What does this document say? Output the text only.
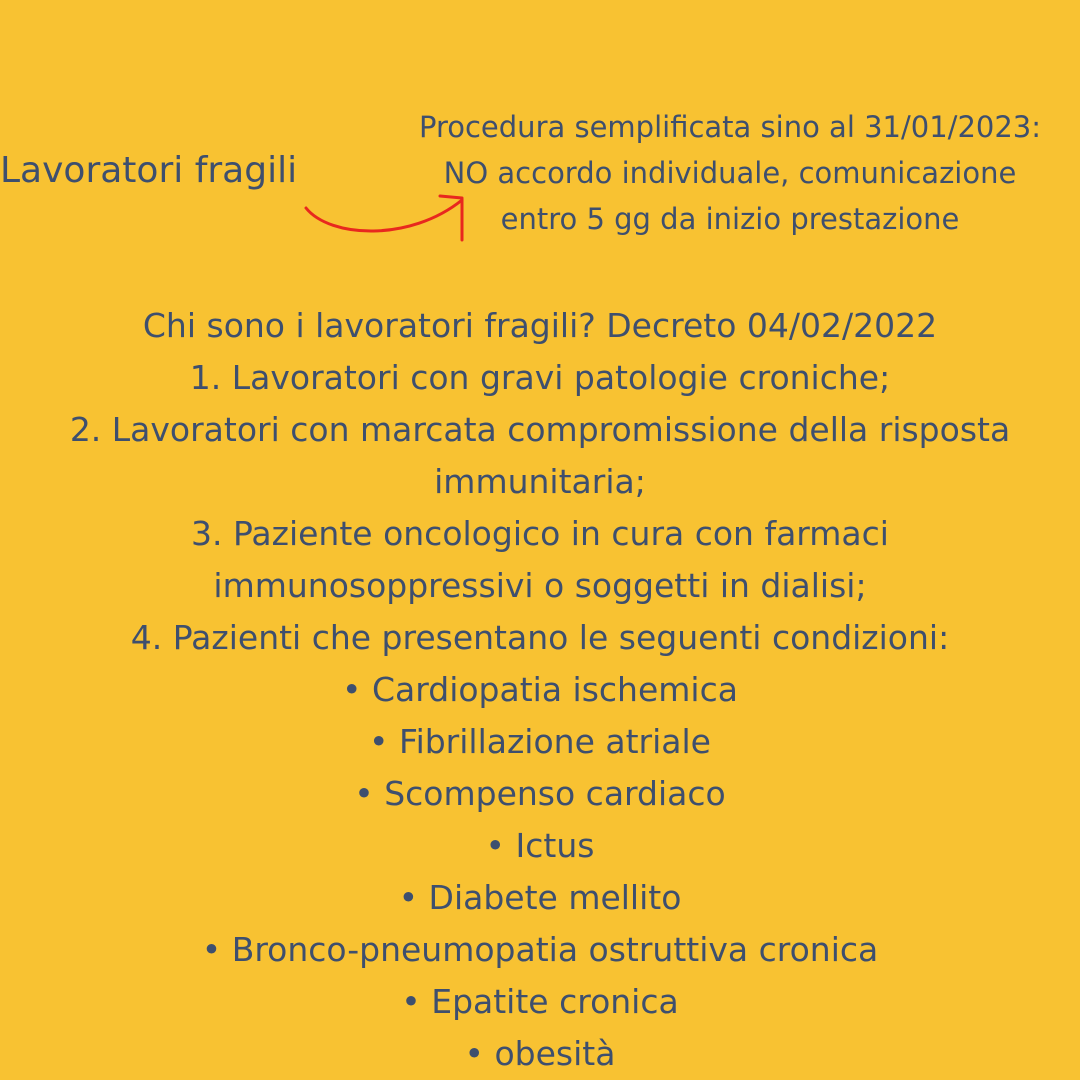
Lavoratori fragili
Procedura semplificata sino al 31/01/2023:
NO accordo individuale, comunicazione
entro 5 gg da inizio prestazione
Chi sono i lavoratori fragili? Decreto 04/02/2022
1. Lavoratori con gravi patologie croniche;
2. Lavoratori con marcata compromissione della risposta
immunitaria;
3. Paziente oncologico in cura con farmaci
immunosoppressivi o soggetti in dialisi;
4. Pazienti che presentano le seguenti condizioni:
• Cardiopatia ischemica
• Fibrillazione atriale
• Scompenso cardiaco
• Ictus
• Diabete mellito
• Bronco-pneumopatia ostruttiva cronica
• Epatite cronica
• obesità
